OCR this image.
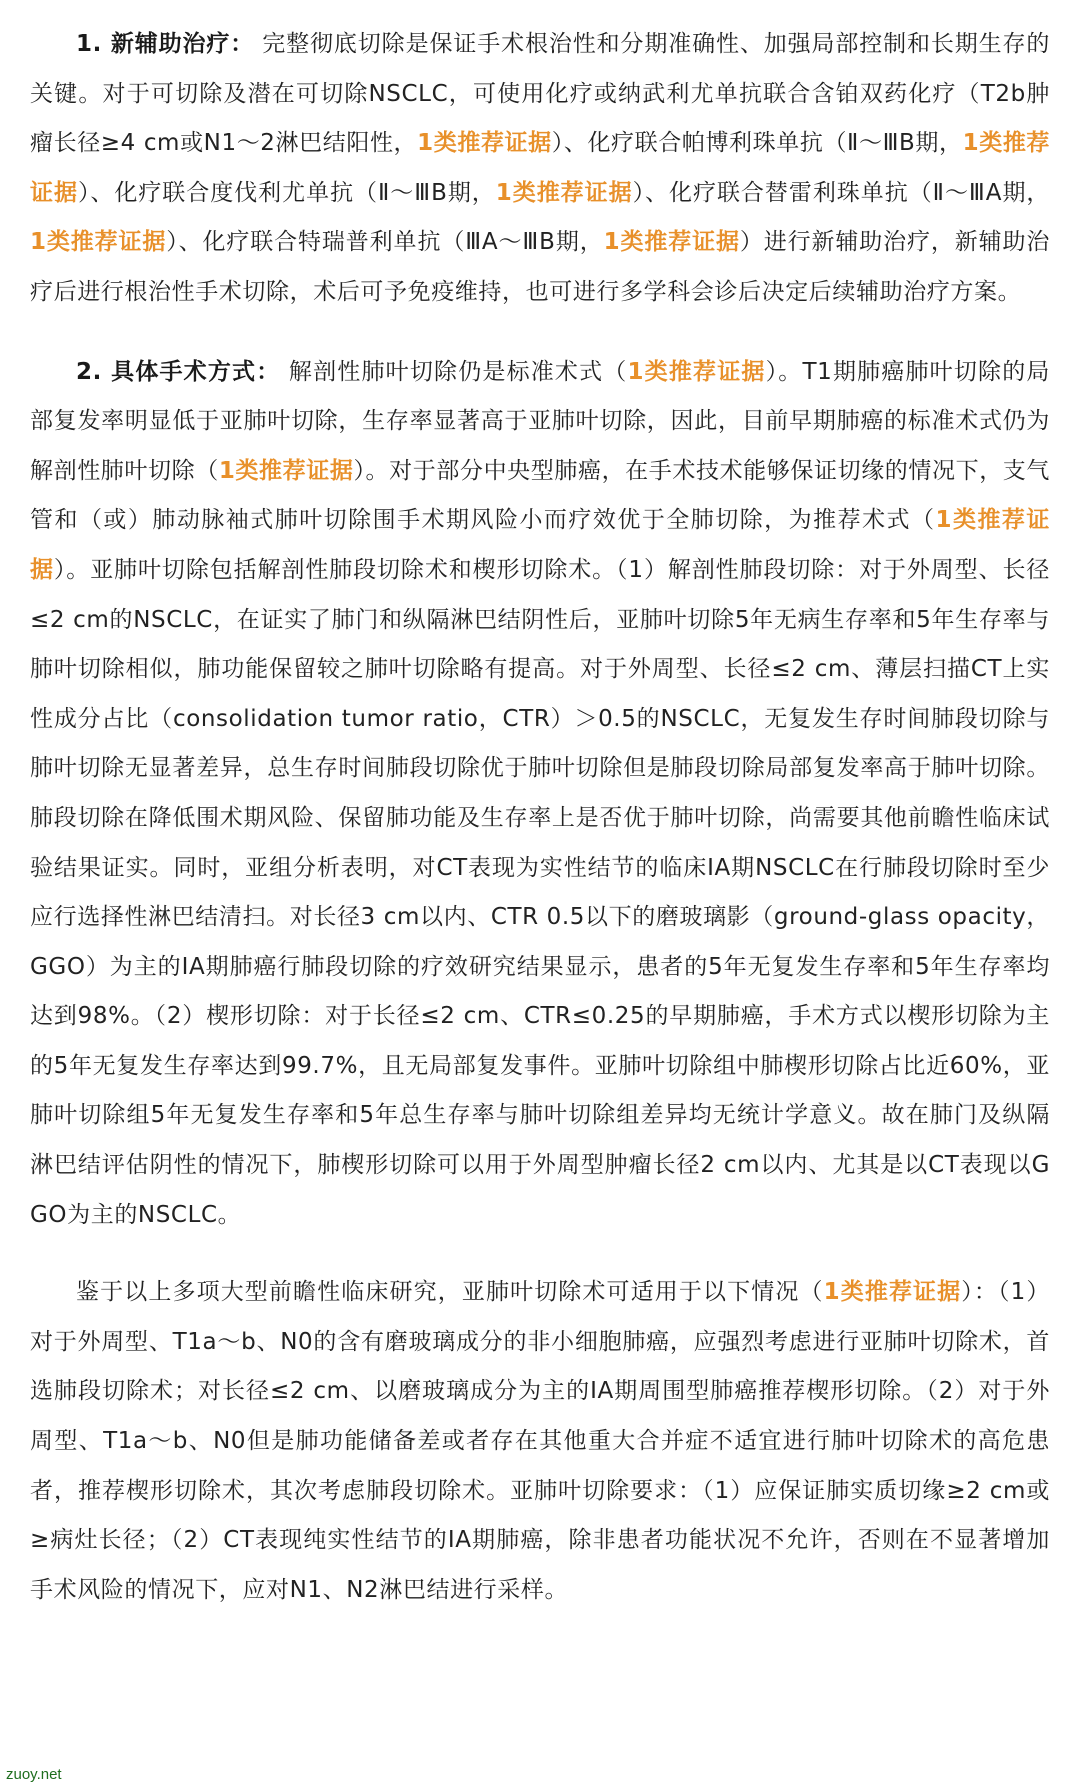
1. 新辅助治疗： 完整彻底切除是保证手术根治性和分期准确性、加强局部控制和长期生存的关键。对于可切除及潜在可切除NSCLC，可使用化疗或纳武利尤单抗联合含铂双药化疗（T2b肿瘤长径≥4 cm或N1～2淋巴结阳性，1类推荐证据）、化疗联合帕博利珠单抗（Ⅱ～ⅢB期，1类推荐证据）、化疗联合度伐利尤单抗（Ⅱ～ⅢB期，1类推荐证据）、化疗联合替雷利珠单抗（Ⅱ～ⅢA期，1类推荐证据）、化疗联合特瑞普利单抗（ⅢA～ⅢB期，1类推荐证据）进行新辅助治疗，新辅助治疗后进行根治性手术切除，术后可予免疫维持，也可进行多学科会诊后决定后续辅助治疗方案。

2. 具体手术方式： 解剖性肺叶切除仍是标准术式（1类推荐证据）。T1期肺癌肺叶切除的局部复发率明显低于亚肺叶切除，生存率显著高于亚肺叶切除，因此，目前早期肺癌的标准术式仍为解剖性肺叶切除（1类推荐证据）。对于部分中央型肺癌，在手术技术能够保证切缘的情况下，支气管和（或）肺动脉袖式肺叶切除围手术期风险小而疗效优于全肺切除，为推荐术式（1类推荐证据）。亚肺叶切除包括解剖性肺段切除术和楔形切除术。（1）解剖性肺段切除：对于外周型、长径≤2 cm的NSCLC，在证实了肺门和纵隔淋巴结阴性后，亚肺叶切除5年无病生存率和5年生存率与肺叶切除相似，肺功能保留较之肺叶切除略有提高。对于外周型、长径≤2 cm、薄层扫描CT上实性成分占比（consolidation tumor ratio，CTR）＞0.5的NSCLC，无复发生存时间肺段切除与肺叶切除无显著差异，总生存时间肺段切除优于肺叶切除但是肺段切除局部复发率高于肺叶切除。肺段切除在降低围术期风险、保留肺功能及生存率上是否优于肺叶切除，尚需要其他前瞻性临床试验结果证实。同时，亚组分析表明，对CT表现为实性结节的临床IA期NSCLC在行肺段切除时至少应行选择性淋巴结清扫。对长径3 cm以内、CTR 0.5以下的磨玻璃影（ground-glass opacity，GGO）为主的IA期肺癌行肺段切除的疗效研究结果显示，患者的5年无复发生存率和5年生存率均达到98%。（2）楔形切除：对于长径≤2 cm、CTR≤0.25的早期肺癌，手术方式以楔形切除为主的5年无复发生存率达到99.7%，且无局部复发事件。亚肺叶切除组中肺楔形切除占比近60%，亚肺叶切除组5年无复发生存率和5年总生存率与肺叶切除组差异均无统计学意义。故在肺门及纵隔淋巴结评估阴性的情况下，肺楔形切除可以用于外周型肿瘤长径2 cm以内、尤其是以CT表现以GGO为主的NSCLC。

鉴于以上多项大型前瞻性临床研究，亚肺叶切除术可适用于以下情况（1类推荐证据）：（1）对于外周型、T1a～b、N0的含有磨玻璃成分的非小细胞肺癌，应强烈考虑进行亚肺叶切除术，首选肺段切除术；对长径≤2 cm、以磨玻璃成分为主的IA期周围型肺癌推荐楔形切除。（2）对于外周型、T1a～b、N0但是肺功能储备差或者存在其他重大合并症不适宜进行肺叶切除术的高危患者，推荐楔形切除术，其次考虑肺段切除术。亚肺叶切除要求：（1）应保证肺实质切缘≥2 cm或≥病灶长径；（2）CT表现纯实性结节的IA期肺癌，除非患者功能状况不允许，否则在不显著增加手术风险的情况下，应对N1、N2淋巴结进行采样。

zuoy.net
